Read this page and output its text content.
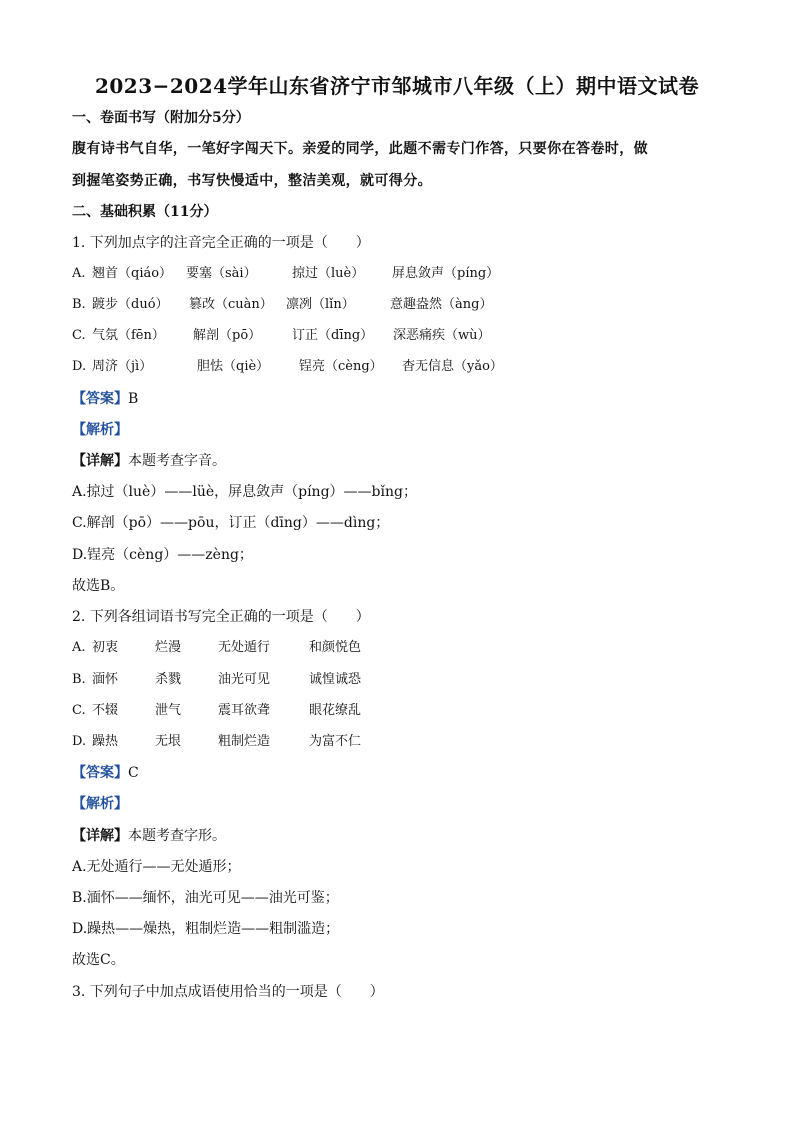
2023−2024学年山东省济宁市邹城市八年级（上）期中语文试卷
一、卷面书写（附加分5分）
腹有诗书气自华，一笔好字闯天下。亲爱的同学，此题不需专门作答，只要你在答卷时，做
到握笔姿势正确，书写快慢适中，整洁美观，就可得分。
二、基础积累（11分）
1. 下列加点字的注音完全正确的一项是（　　）
A. 翘首（qiáo） 要塞（sài）	掠过（luè） 屏息敛声（píng）
B. 踱步（duó） 篡改（cuàn） 凛冽（lǐn）	意趣盎然（àng）
C. 气氛（fēn） 解剖（pō） 订正（dīng） 深恶痛疾（wù）
D. 周济（jì）	胆怯（qiè） 锃亮（cèng） 杳无信息（yǎo）
【答案】B
【解析】
【详解】本题考查字音。
A.掠过（luè）——lüè，屏息敛声（píng）——bǐng；
C.解剖（pō）——pōu，订正（dīng）——dìng；
D.锃亮（cèng）——zèng；
故选B。
2. 下列各组词语书写完全正确的一项是（　　）
A. 初衷	烂漫	无处遁行	和颜悦色
B. 湎怀	杀戮	油光可见	诚惶诚恐
C. 不辍	泄气	震耳欲聋	眼花缭乱
D. 躁热	无垠	粗制烂造	为富不仁
【答案】C
【解析】
【详解】本题考查字形。
A.无处遁行——无处遁形；
B.湎怀——缅怀，油光可见——油光可鉴；
D.躁热——燥热，粗制烂造——粗制滥造；
故选C。
3. 下列句子中加点成语使用恰当的一项是（　　）
